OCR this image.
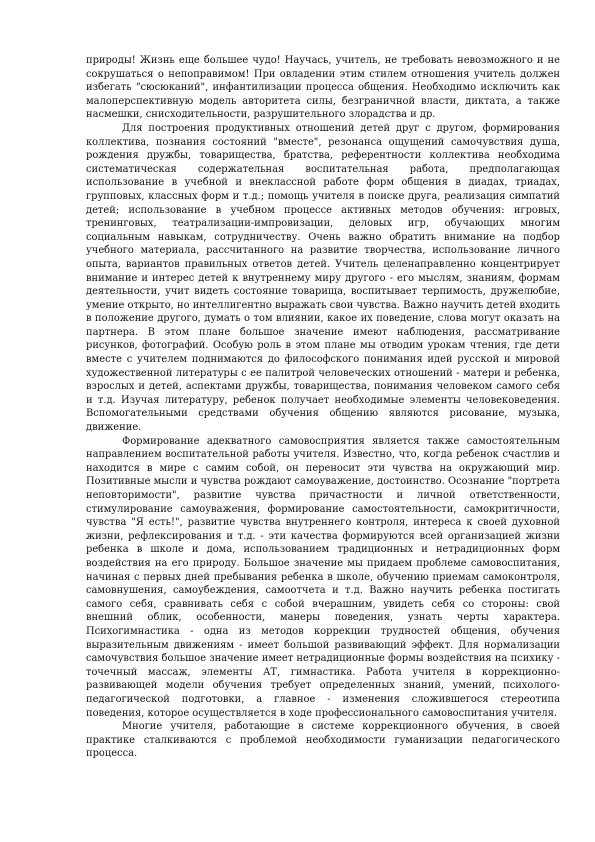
природы! Жизнь еще большее чудо! Научась, учитель, не требовать невозможного и не сокрушаться о непоправимом! При овладении этим стилем отношения учитель должен избегать "сюсюканий", инфантилизации процесса общения. Необходимо исключить как малоперспективную модель авторитета силы, безграничной власти, диктата, а также насмешки, снисходительности, разрушительного злорадства и др.

Для построения продуктивных отношений детей друг с другом, формирования коллектива, познания состояний "вместе", резонанса ощущений самочувствия душа, рождения дружбы, товарищества, братства, референтности коллектива необходима систематическая содержательная воспитательная работа, предполагающая использование в учебной и внеклассной работе форм общения в диадах, триадах, групповых, классных форм и т.д.; помощь учителя в поиске друга, реализация симпатий детей; использование в учебном процессе активных методов обучения: игровых, тренинговых, театрализации-импровизации, деловых игр, обучающих многим социальным навыкам, сотрудничеству. Очень важно обратить внимание на подбор учебного материала, рассчитанного на развитие творчества, использование личного опыта, вариантов правильных ответов детей. Учитель целенаправленно концентрирует внимание и интерес детей к внутреннему миру другого - его мыслям, знаниям, формам деятельности, учит видеть состояние товарища, воспитывает терпимость, дружелюбие, умение открыто, но интеллигентно выражать свои чувства. Важно научить детей входить в положение другого, думать о том влиянии, какое их поведение, слова могут оказать на партнера. В этом плане большое значение имеют наблюдения, рассматривание рисунков, фотографий. Особую роль в этом плане мы отводим урокам чтения, где дети вместе с учителем поднимаются до философского понимания идей русской и мировой художественной литературы с ее палитрой человеческих отношений - матери и ребенка, взрослых и детей, аспектами дружбы, товарищества, понимания человеком самого себя и т.д. Изучая литературу, ребенок получает необходимые элементы человековедения. Вспомогательными средствами обучения общению являются рисование, музыка, движение.

Формирование адекватного самовосприятия является также самостоятельным направлением воспитательной работы учителя. Известно, что, когда ребенок счастлив и находится в мире с самим собой, он переносит эти чувства на окружающий мир. Позитивные мысли и чувства рождают самоуважение, достоинство. Осознание "портрета неповторимости", развитие чувства причастности и личной ответственности, стимулирование самоуважения, формирование самостоятельности, самокритичности, чувства "Я есть!", развитие чувства внутреннего контроля, интереса к своей духовной жизни, рефлексирования и т.д. - эти качества формируются всей организацией жизни ребенка в школе и дома, использованием традиционных и нетрадиционных форм воздействия на его природу. Большое значение мы придаем проблеме самовоспитания, начиная с первых дней пребывания ребенка в школе, обучению приемам самоконтроля, самовнушения, самоубеждения, самоотчета и т.д. Важно научить ребенка постигать самого себя, сравнивать себя с собой вчерашним, увидеть себя со стороны: свой внешний облик, особенности, манеры поведения, узнать черты характера. Психогимнастика - одна из методов коррекции трудностей общения, обучения выразительным движениям - имеет большой развивающий эффект. Для нормализации самочувствия большое значение имеет нетрадиционные формы воздействия на психику - точечный массаж, элементы АТ, гимнастика. Работа учителя в коррекционно-развивающей модели обучения требует определенных знаний, умений, психолого-педагогической подготовки, а главное - изменения сложившегося стереотипа поведения, которое осуществляется в ходе профессионального самовоспитания учителя.

Многие учителя, работающие в системе коррекционного обучения, в своей практике сталкиваются с проблемой необходимости гуманизации педагогического процесса.
